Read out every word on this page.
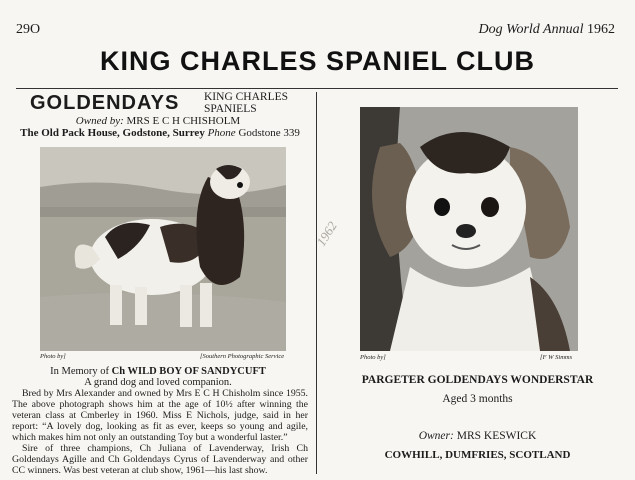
29O	Dog World Annual 1962
KING CHARLES SPANIEL CLUB
GOLDENDAYS KING CHARLES
SPANIELS
Owned by: MRS E C H CHISHOLM
The Old Pack House, Godstone, Surrey Phone Godstone 339
Photo by]	[Southern Photographic Service
In Memory of Ch WILD BOY OF SANDYCUFT
A grand dog and loved companion.

Bred by Mrs Alexander and owned by Mrs E C H Chisholm since 1955. The above photograph shows him at the age of 10½ after winning the veteran class at Cmberley in 1960. Miss E Nichols, judge, said in her report: “A lovely dog, looking as fit as ever, keeps so young and agile, which makes him not only an outstanding Toy but a wonderful laster.”

Sire of three champions, Ch Juliana of Lavenderway, Irish Ch Goldendays Agille and Ch Goldendays Cyrus of Lavenderway and other CC winners. Was best veteran at club show, 1961—his last show.

Photo by]	[F W Simms
PARGETER GOLDENDAYS WONDERSTAR
Aged 3 months
Owner: MRS KESWICK
COWHILL, DUMFRIES, SCOTLAND
1962
